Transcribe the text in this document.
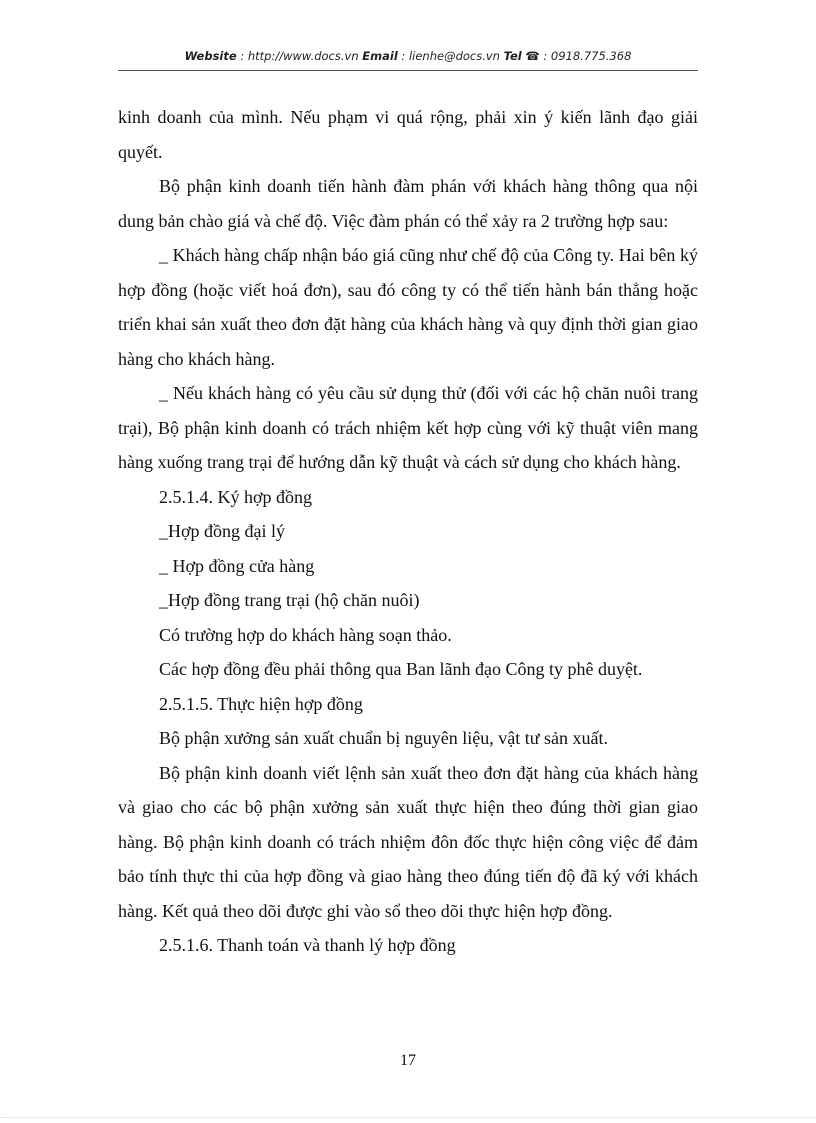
Website : http://www.docs.vn Email : lienhe@docs.vn Tel ☎ : 0918.775.368

kinh doanh của mình. Nếu phạm vi quá rộng, phải xin ý kiến lãnh đạo giải quyết.

Bộ phận kinh doanh tiến hành đàm phán với khách hàng thông qua nội dung bản chào giá và chế độ. Việc đàm phán có thể xảy ra 2 trường hợp sau:

_ Khách hàng chấp nhận báo giá cũng như chế độ của Công ty. Hai bên ký hợp đồng (hoặc viết hoá đơn), sau đó công ty có thể tiến hành bán thẳng hoặc triển khai sản xuất theo đơn đặt hàng của khách hàng và quy định thời gian giao hàng cho khách hàng.

_ Nếu khách hàng có yêu cầu sử dụng thử (đối với các hộ chăn nuôi trang trại), Bộ phận kinh doanh có trách nhiệm kết hợp cùng với kỹ thuật viên mang hàng xuống trang trại để hướng dẫn kỹ thuật và cách sử dụng cho khách hàng.

2.5.1.4. Ký hợp đồng

_Hợp đồng đại lý

_ Hợp đồng cửa hàng

_Hợp đồng trang trại (hộ chăn nuôi)

Có trường hợp do khách hàng soạn thảo.

Các hợp đồng đều phải thông qua Ban lãnh đạo Công ty phê duyệt.

2.5.1.5. Thực hiện hợp đồng

Bộ phận xưởng sản xuất chuẩn bị nguyên liệu, vật tư sản xuất.

Bộ phận kinh doanh viết lệnh sản xuất theo đơn đặt hàng của khách hàng và giao cho các bộ phận xưởng sản xuất thực hiện theo đúng thời gian giao hàng. Bộ phận kinh doanh có trách nhiệm đôn đốc thực hiện công việc để đảm bảo tính thực thi của hợp đồng và giao hàng theo đúng tiến độ đã ký với khách hàng. Kết quả theo dõi được ghi vào sổ theo dõi thực hiện hợp đồng.

2.5.1.6. Thanh toán và thanh lý hợp đồng

17
